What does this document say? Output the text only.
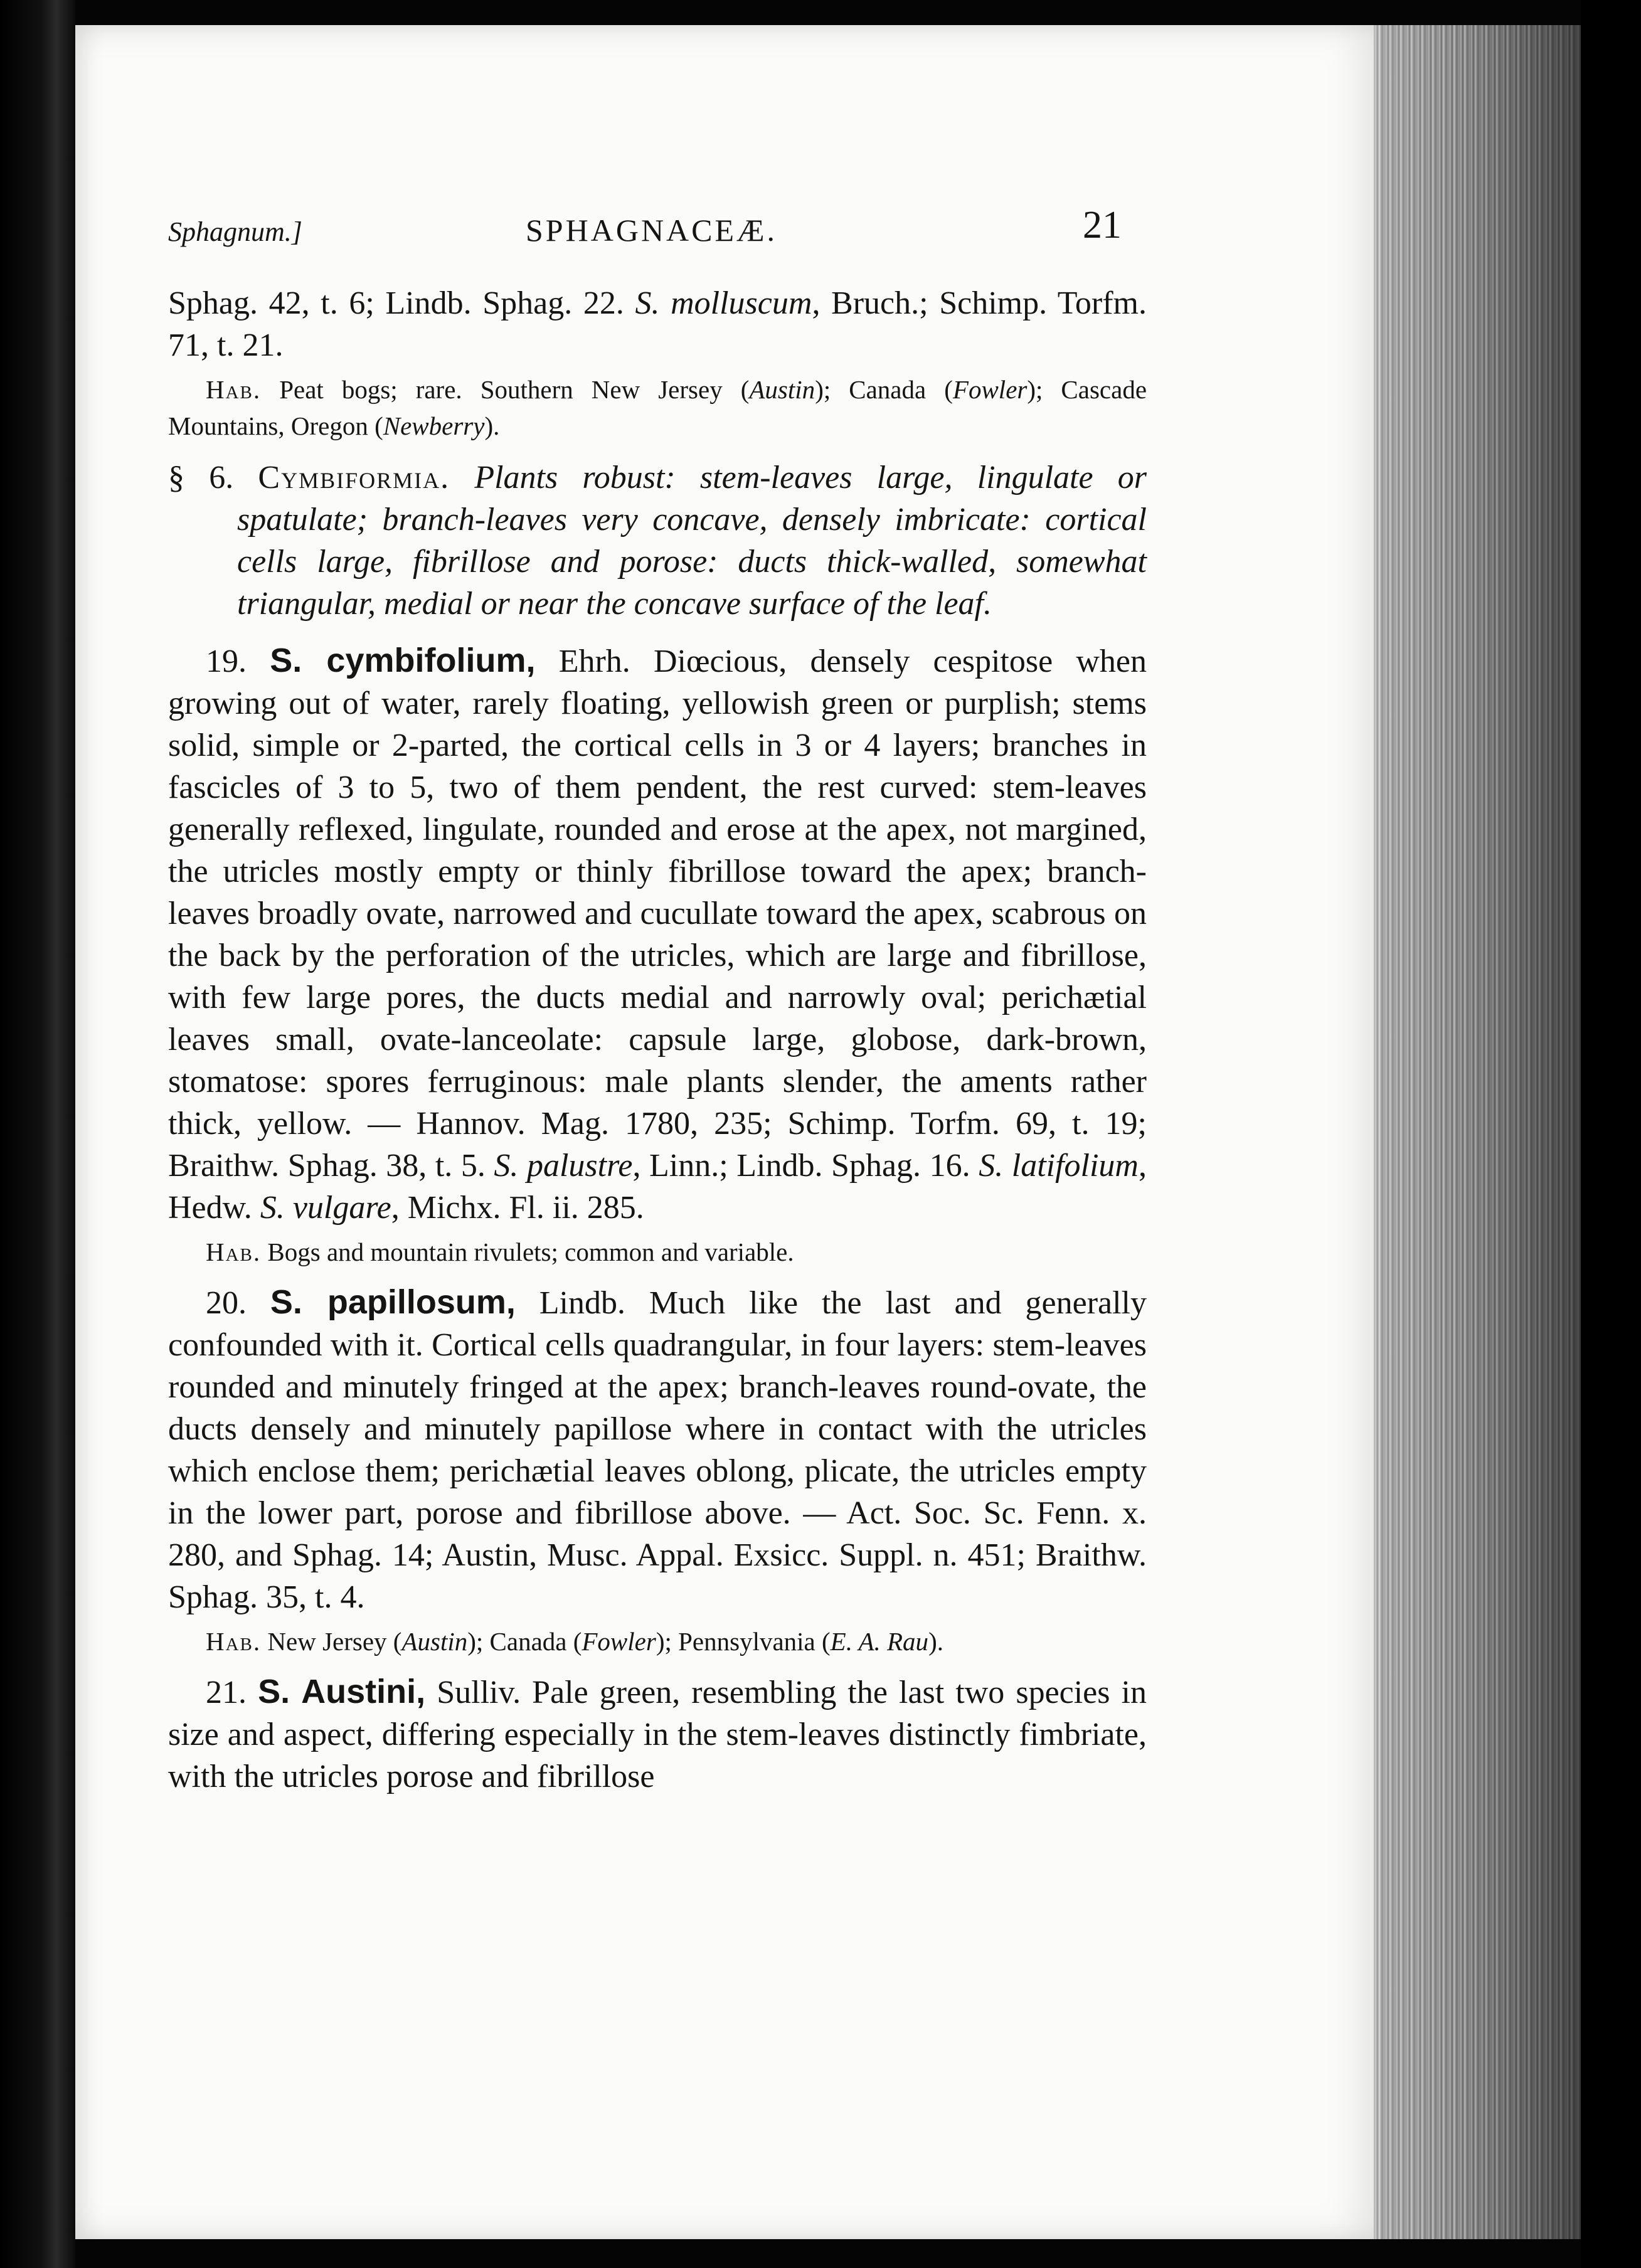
Sphagnum.]	SPHAGNACEÆ.	21

Sphag. 42, t. 6; Lindb. Sphag. 22. S. molluscum, Bruch.; Schimp. Torfm. 71, t. 21.

Hab. Peat bogs; rare. Southern New Jersey (Austin); Canada (Fowler); Cascade Mountains, Oregon (Newberry).

§ 6. Cymbiformia. Plants robust: stem-leaves large, lingulate or spatulate; branch-leaves very concave, densely imbricate: cortical cells large, fibrillose and porose: ducts thick-walled, somewhat triangular, medial or near the concave surface of the leaf.

19. S. cymbifolium, Ehrh. Diœcious, densely cespitose when growing out of water, rarely floating, yellowish green or purplish; stems solid, simple or 2-parted, the cortical cells in 3 or 4 layers; branches in fascicles of 3 to 5, two of them pendent, the rest curved: stem-leaves generally reflexed, lingulate, rounded and erose at the apex, not margined, the utricles mostly empty or thinly fibrillose toward the apex; branch-leaves broadly ovate, narrowed and cucullate toward the apex, scabrous on the back by the perforation of the utricles, which are large and fibrillose, with few large pores, the ducts medial and narrowly oval; perichætial leaves small, ovate-lanceolate: capsule large, globose, dark-brown, stomatose: spores ferruginous: male plants slender, the aments rather thick, yellow. — Hannov. Mag. 1780, 235; Schimp. Torfm. 69, t. 19; Braithw. Sphag. 38, t. 5. S. palustre, Linn.; Lindb. Sphag. 16. S. latifolium, Hedw. S. vulgare, Michx. Fl. ii. 285.

Hab. Bogs and mountain rivulets; common and variable.

20. S. papillosum, Lindb. Much like the last and generally confounded with it. Cortical cells quadrangular, in four layers: stem-leaves rounded and minutely fringed at the apex; branch-leaves round-ovate, the ducts densely and minutely papillose where in contact with the utricles which enclose them; perichætial leaves oblong, plicate, the utricles empty in the lower part, porose and fibrillose above. — Act. Soc. Sc. Fenn. x. 280, and Sphag. 14; Austin, Musc. Appal. Exsicc. Suppl. n. 451; Braithw. Sphag. 35, t. 4.

Hab. New Jersey (Austin); Canada (Fowler); Pennsylvania (E. A. Rau).

21. S. Austini, Sulliv. Pale green, resembling the last two species in size and aspect, differing especially in the stem-leaves distinctly fimbriate, with the utricles porose and fibrillose
